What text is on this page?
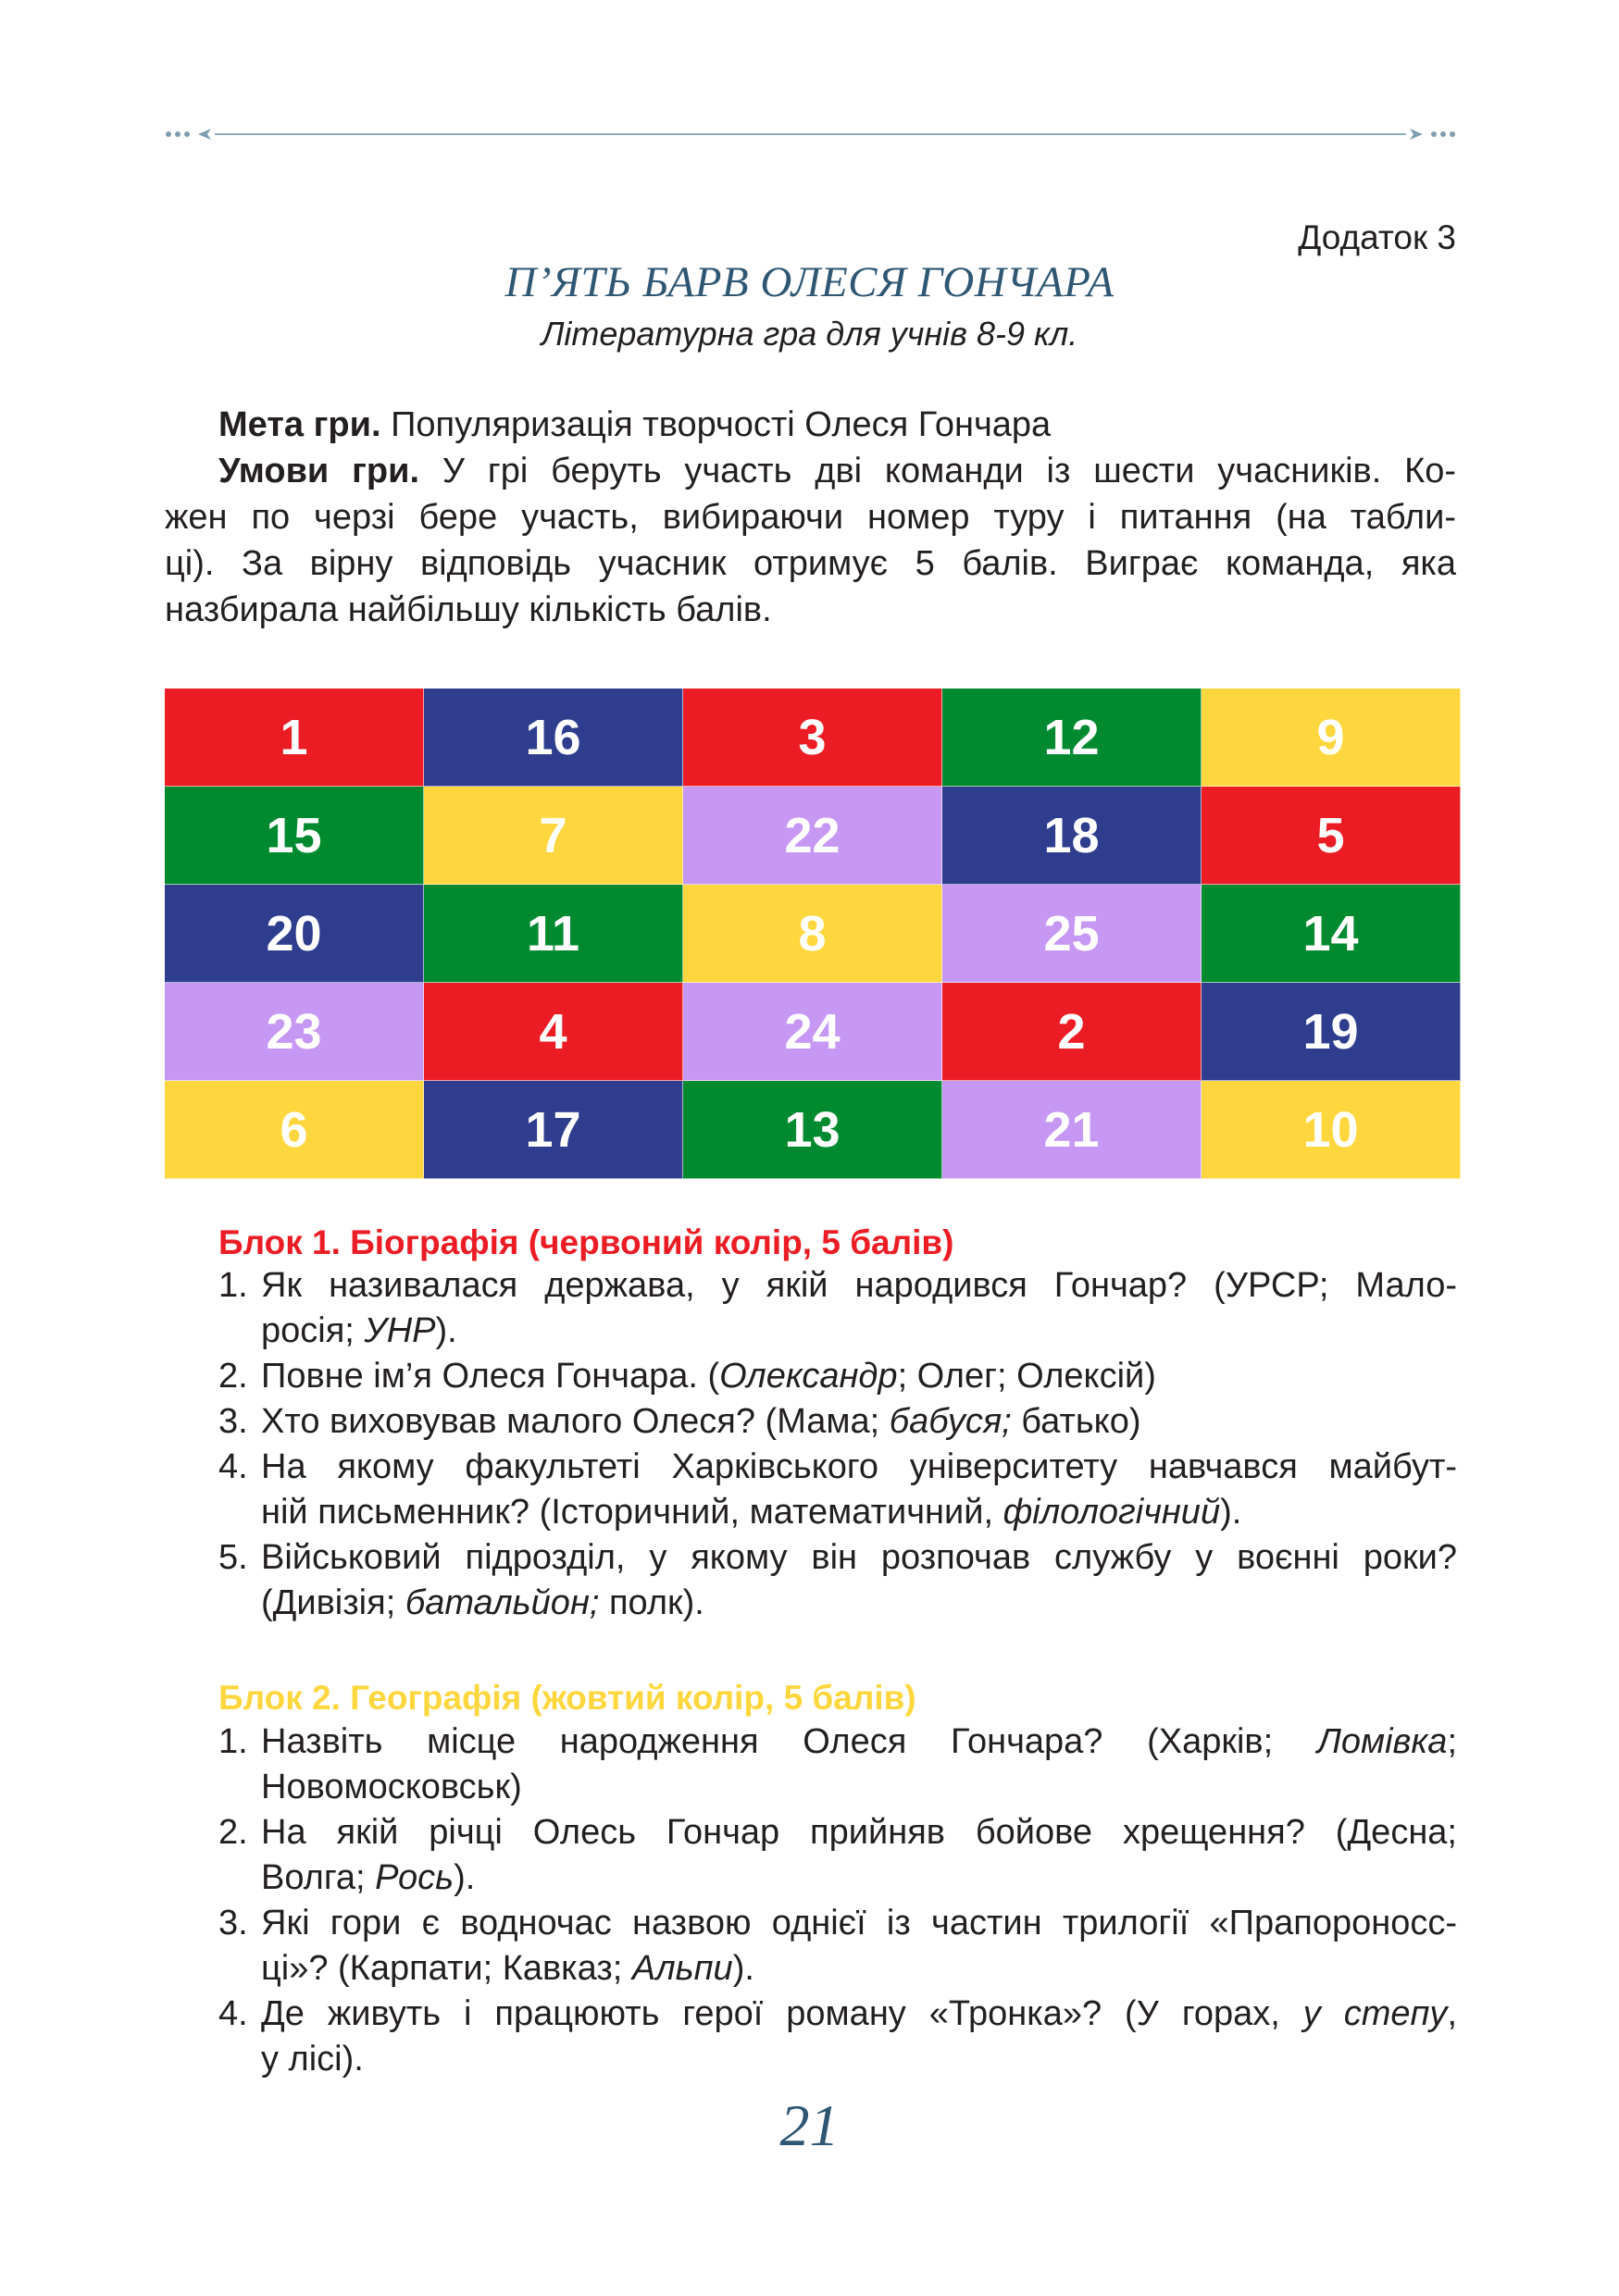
Додаток 3
П’ЯТЬ БАРВ ОЛЕСЯ ГОНЧАРА
Літературна гра для учнів 8-9 кл.
Мета гри. Популяризація творчості Олеся Гончара
Умови гри. У грі беруть участь дві команди із шести учасників. Ко-
жен по черзі бере участь, вибираючи номер туру і питання (на табли-
ці). За вірну відповідь учасник отримує 5 балів. Виграє команда, яка
назбирала найбільшу кількість балів.
1	16	3	12	9
15	7	22	18	5
20	11	8	25	14
23	4	24	2	19
6	17	13	21	10
Блок 1. Біографія (червоний колір, 5 балів)
1. Як називалася держава, у якій народився Гончар? (УРСР; Мало-
росія; УНР).
2. Повне ім’я Олеся Гончара. (Олександр; Олег; Олексій)
3. Хто виховував малого Олеся? (Мама; бабуся; батько)
4. На якому факультеті Харківського університету навчався майбут-
ній письменник? (Історичний, математичний, філологічний).
5. Військовий підрозділ, у якому він розпочав службу у воєнні роки?
(Дивізія; батальйон; полк).
Блок 2. Географія (жовтий колір, 5 балів)
1. Назвіть місце народження Олеся Гончара? (Харків; Ломівка;
Новомосковськ)
2. На якій річці Олесь Гончар прийняв бойове хрещення? (Десна;
Волга; Рось).
3. Які гори є водночас назвою однієї із частин трилогії «Прапороносс-
ці»? (Карпати; Кавказ; Альпи).
4. Де живуть і працюють герої роману «Тронка»? (У горах, у степу,
у лісі).
21
